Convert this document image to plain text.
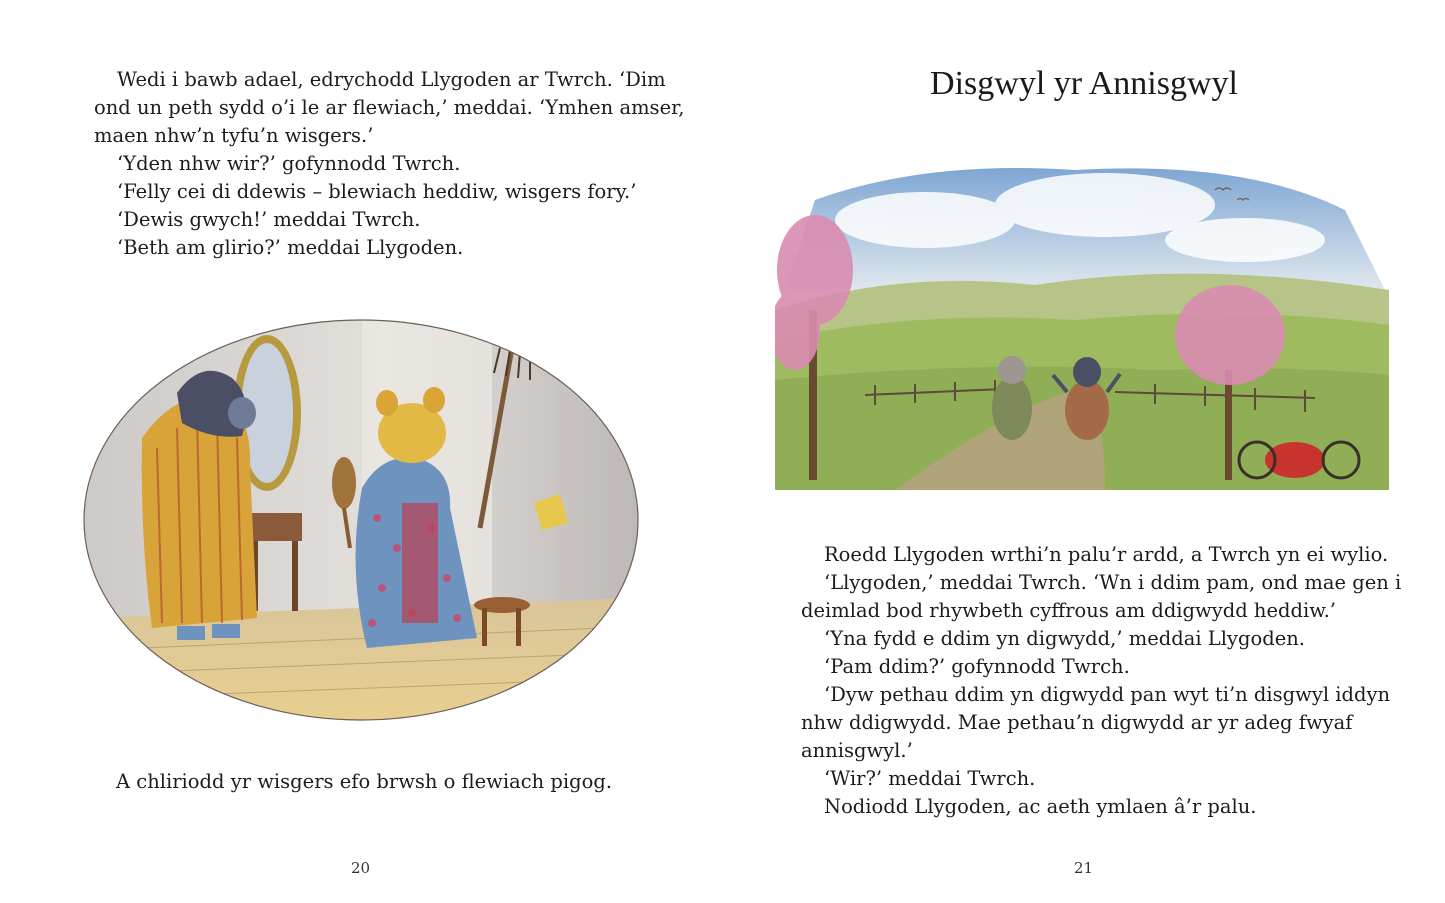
Wedi i bawb adael, edrychodd Llygoden ar Twrch. ‘Dim
ond un peth sydd o’i le ar flewiach,’ meddai. ‘Ymhen amser,
maen nhw’n tyfu’n wisgers.’
‘Yden nhw wir?’ gofynnodd Twrch.
‘Felly cei di ddewis – blewiach heddiw, wisgers fory.’
‘Dewis gwych!’ meddai Twrch.
‘Beth am glirio?’ meddai Llygoden.

A chliriodd yr wisgers efo brwsh o flewiach pigog.

20
Disgwyl yr Annisgwyl

Roedd Llygoden wrthi’n palu’r ardd, a Twrch yn ei wylio.
‘Llygoden,’ meddai Twrch. ‘Wn i ddim pam, ond mae gen i
deimlad bod rhywbeth cyffrous am ddigwydd heddiw.’
‘Yna fydd e ddim yn digwydd,’ meddai Llygoden.
‘Pam ddim?’ gofynnodd Twrch.
‘Dyw pethau ddim yn digwydd pan wyt ti’n disgwyl iddyn
nhw ddigwydd. Mae pethau’n digwydd ar yr adeg fwyaf
annisgwyl.’
‘Wir?’ meddai Twrch.
Nodiodd Llygoden, ac aeth ymlaen â’r palu.

21
